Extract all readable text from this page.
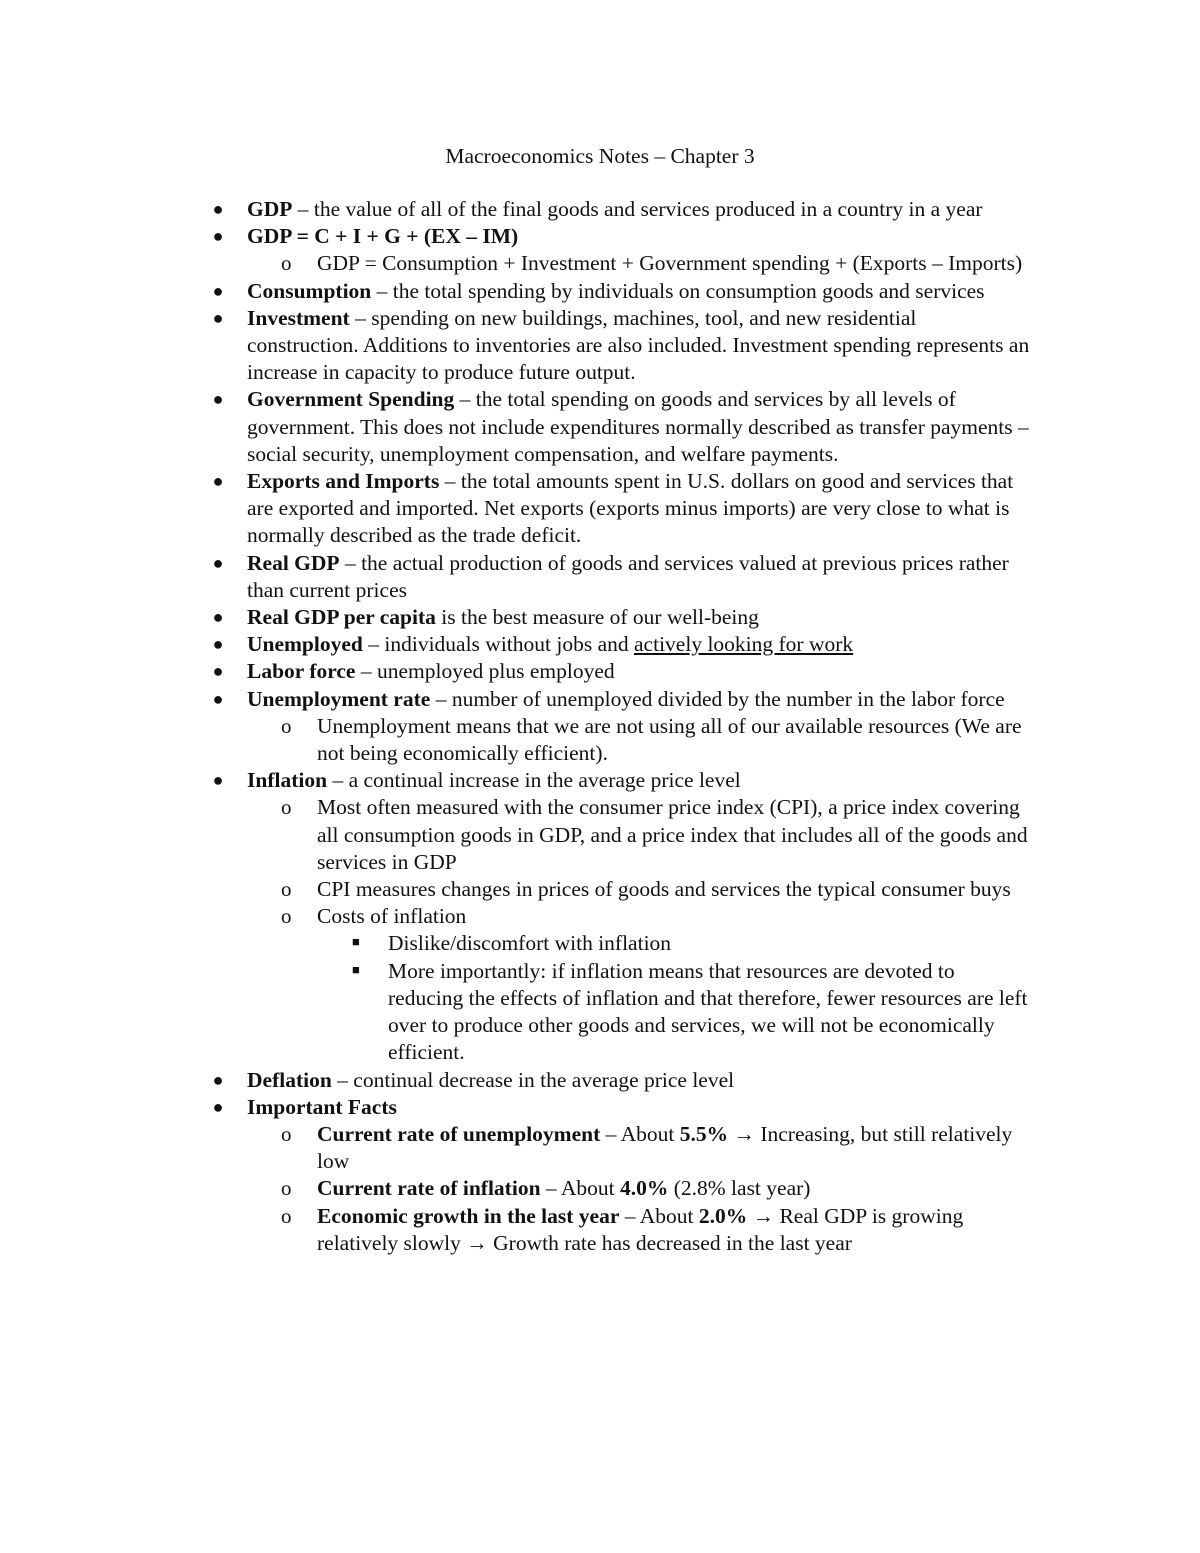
Macroeconomics Notes – Chapter 3
●	GDP – the value of all of the final goods and services produced in a country in a year
●	GDP = C + I + G + (EX – IM)
o GDP = Consumption + Investment + Government spending + (Exports – Imports)
●	Consumption – the total spending by individuals on consumption goods and services
●	Investment – spending on new buildings, machines, tool, and new residential construction. Additions to inventories are also included. Investment spending represents an increase in capacity to produce future output.
●	Government Spending – the total spending on goods and services by all levels of government. This does not include expenditures normally described as transfer payments – social security, unemployment compensation, and welfare payments.
●	Exports and Imports – the total amounts spent in U.S. dollars on good and services that are exported and imported. Net exports (exports minus imports) are very close to what is normally described as the trade deficit.
●	Real GDP – the actual production of goods and services valued at previous prices rather than current prices
●	Real GDP per capita is the best measure of our well-being
●	Unemployed – individuals without jobs and actively looking for work
●	Labor force – unemployed plus employed
●	Unemployment rate – number of unemployed divided by the number in the labor force
o Unemployment means that we are not using all of our available resources (We are not being economically efficient).
●	Inflation – a continual increase in the average price level
o Most often measured with the consumer price index (CPI), a price index covering all consumption goods in GDP, and a price index that includes all of the goods and services in GDP
o CPI measures changes in prices of goods and services the typical consumer buys
o Costs of inflation
■ Dislike/discomfort with inflation
■ More importantly: if inflation means that resources are devoted to reducing the effects of inflation and that therefore, fewer resources are left over to produce other goods and services, we will not be economically efficient.
●	Deflation – continual decrease in the average price level
●	Important Facts
o Current rate of unemployment – About 5.5% → Increasing, but still relatively low
o Current rate of inflation – About 4.0% (2.8% last year)
o Economic growth in the last year – About 2.0% → Real GDP is growing relatively slowly → Growth rate has decreased in the last year
